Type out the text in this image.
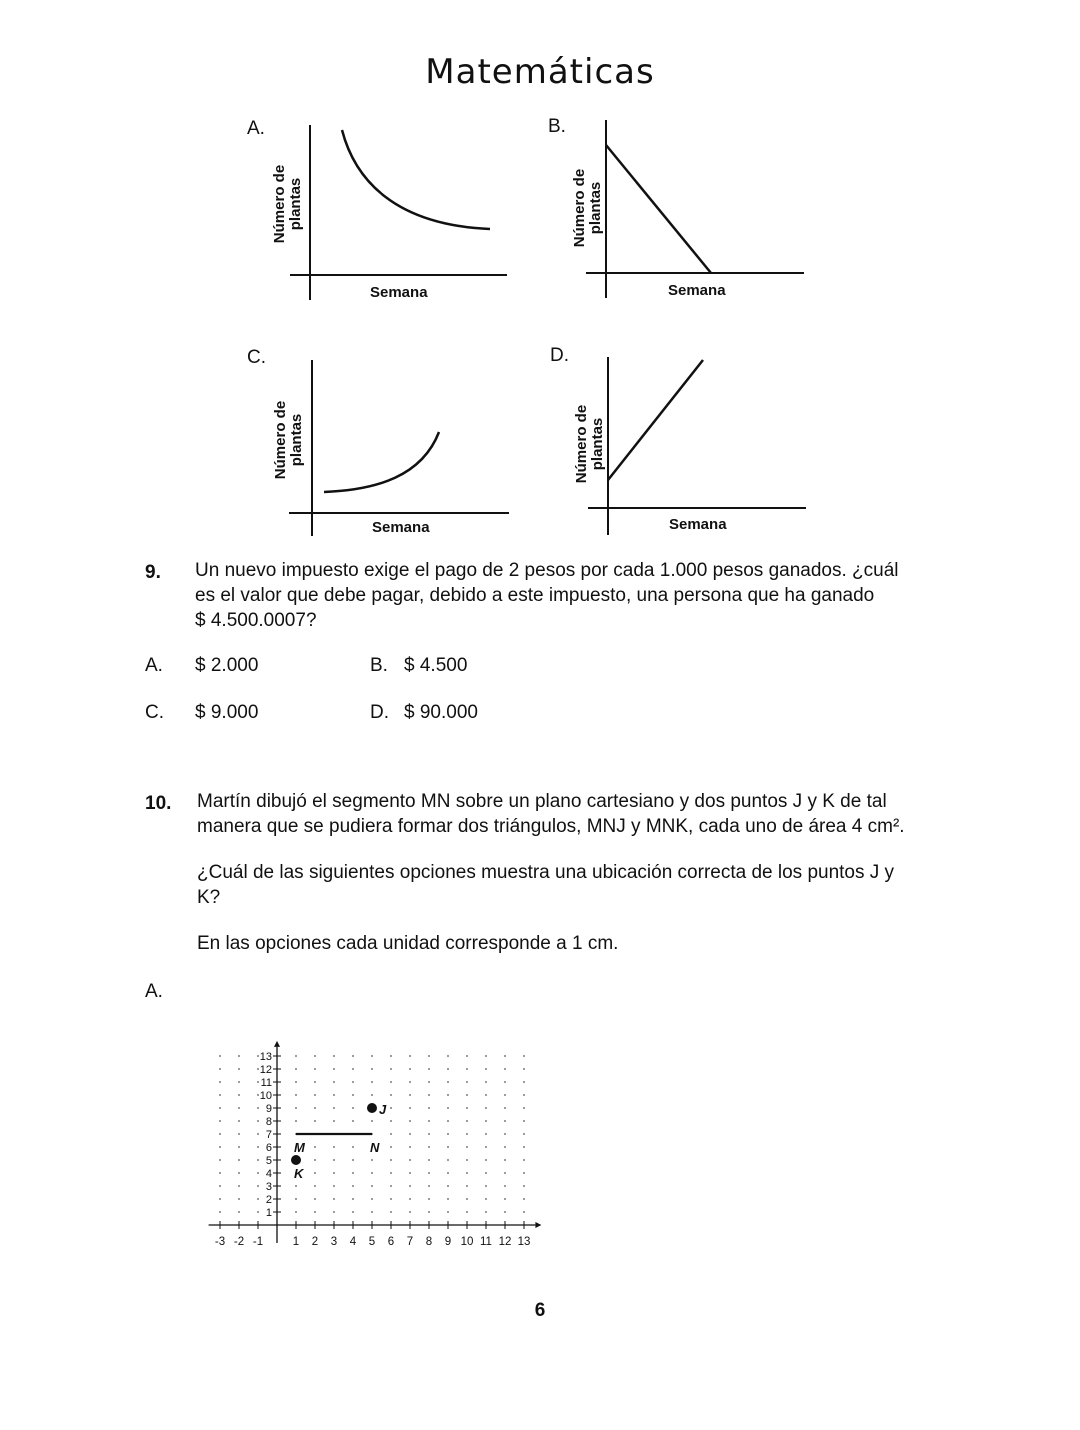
Matemáticas
A.
Número de plantas
Semana
B.
Número de plantas
Semana
C.
Número de plantas
Semana
D.
Número de plantas
Semana
9. Un nuevo impuesto exige el pago de 2 pesos por cada 1.000 pesos ganados. ¿cuál
es el valor que debe pagar, debido a este impuesto, una persona que ha ganado
$ 4.500.0007?
A. $ 2.000	B. $ 4.500
C. $ 9.000	D. $ 90.000
10. Martín dibujó el segmento MN sobre un plano cartesiano y dos puntos J y K de tal
manera que se pudiera formar dos triángulos, MNJ y MNK, cada uno de área 4 cm².
¿Cuál de las siguientes opciones muestra una ubicación correcta de los puntos J y
K?
En las opciones cada unidad corresponde a 1 cm.
A.
-3 -2 -1	1 2 3 4 5 6 7 8 9 10 11 12 13
1
2
3
4
5
6
7
8
9
10
11
12
13
M	N
J
K
6
